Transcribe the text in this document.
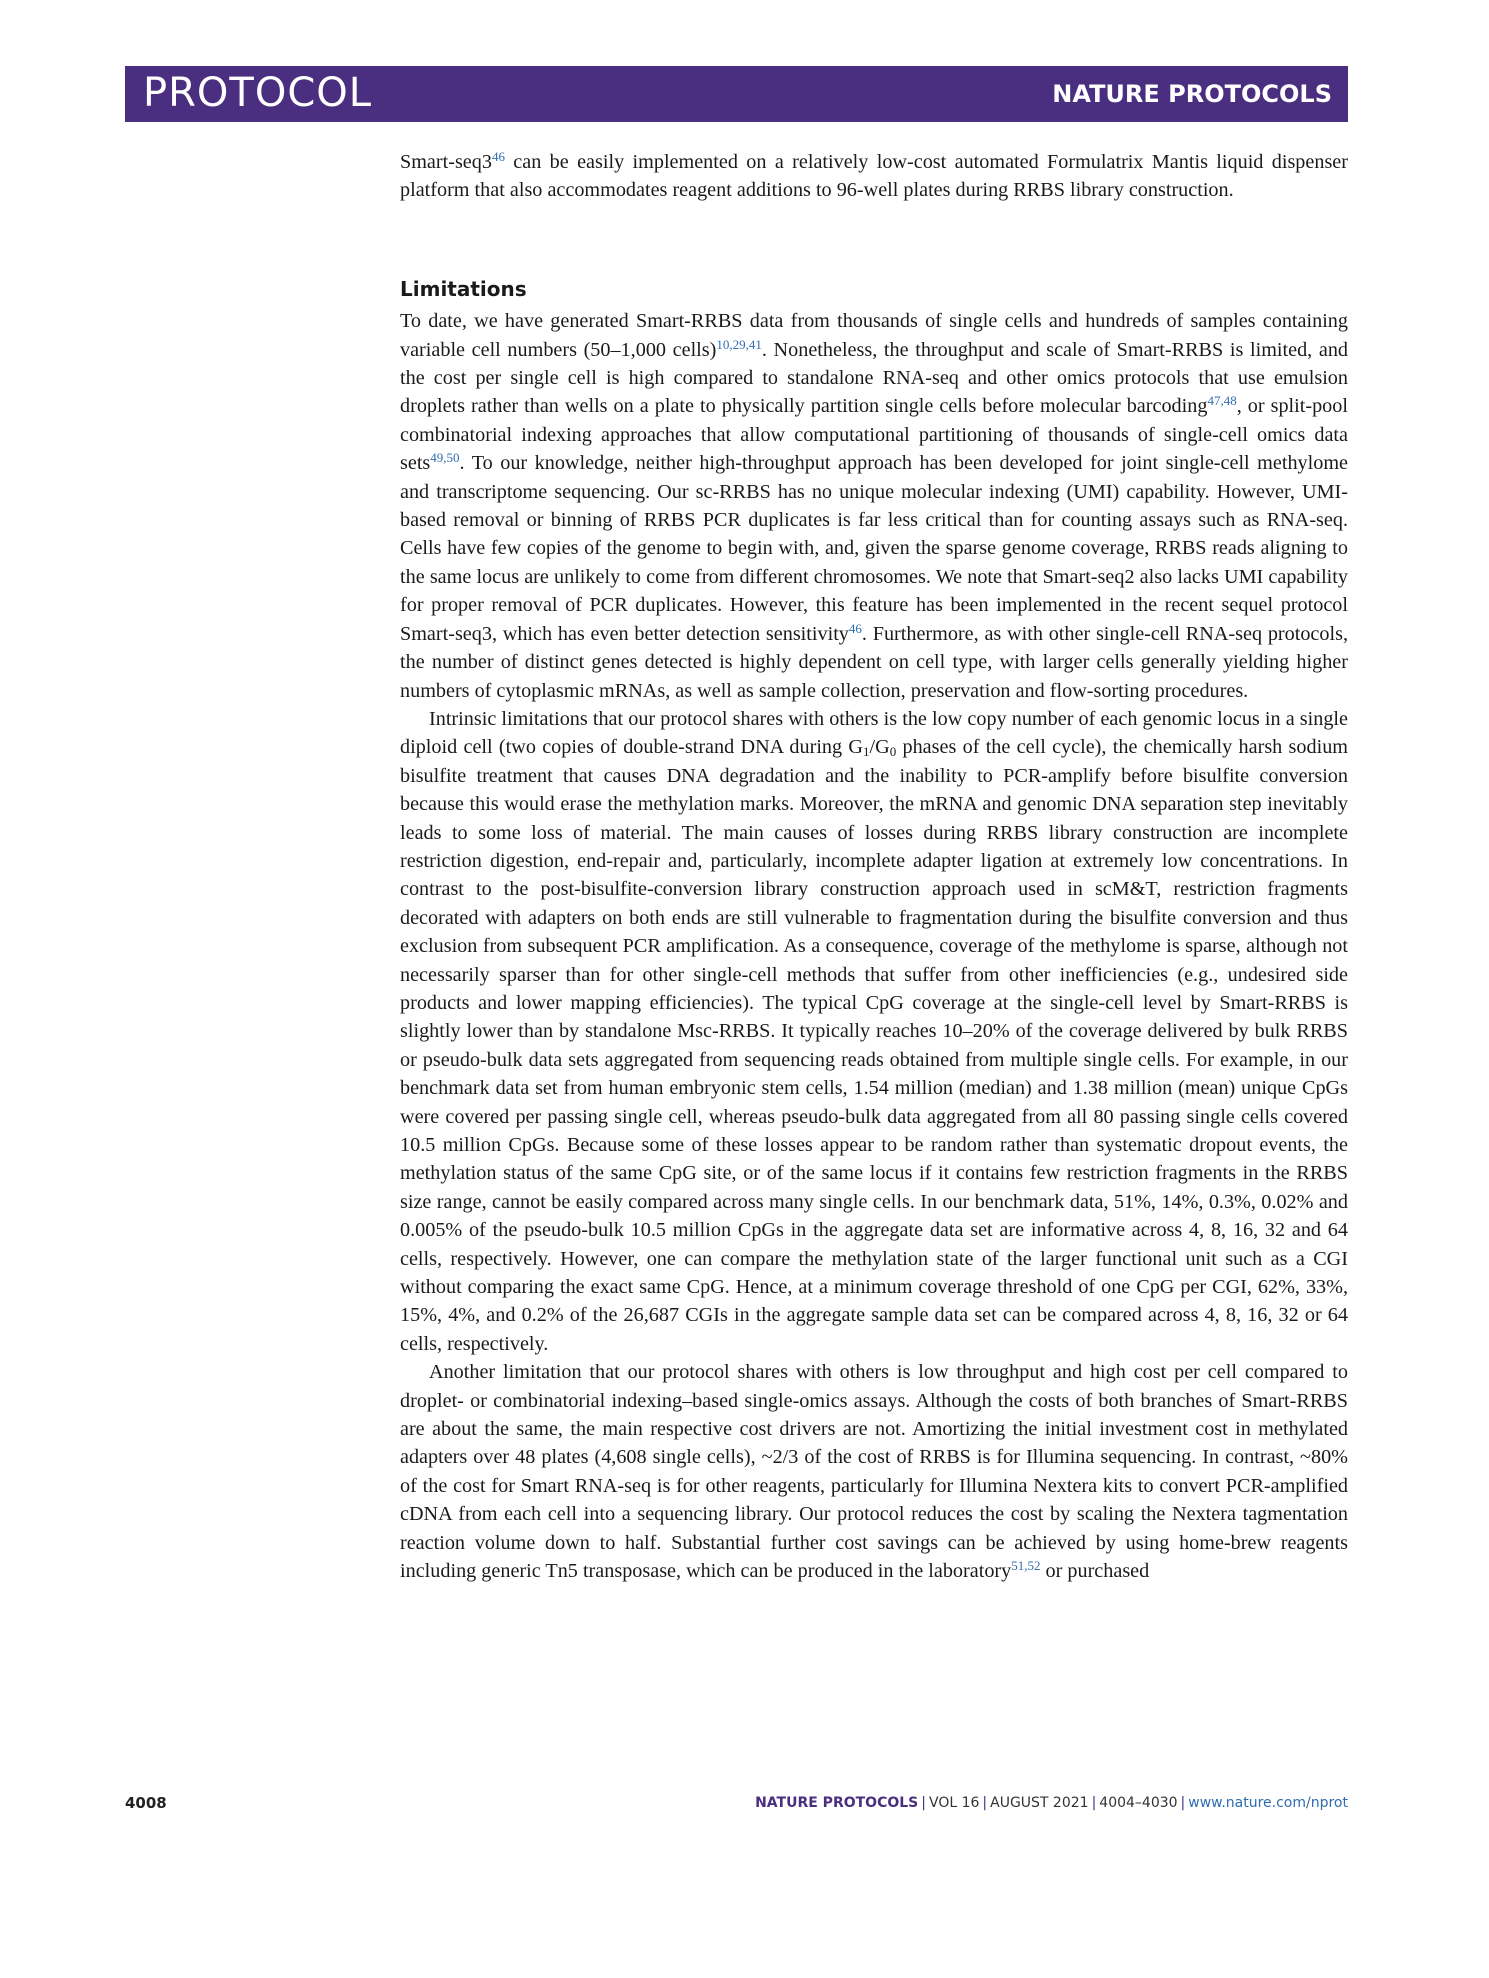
PROTOCOL	NATURE PROTOCOLS

Smart-$seq3^{46}$ can be easily implemented on a relatively low-cost automated Formulatrix Mantis liquid dispenser platform that also accommodates reagent additions to 96-well plates during RRBS library construction.

Limitations

To date, we have generated Smart-RRBS data from thousands of single cells and hundreds of samples containing variable cell numbers (50–1,000 cells)$^{10,29,41}$. Nonetheless, the throughput and scale of Smart-RRBS is limited, and the cost per single cell is high compared to standalone RNA-seq and other omics protocols that use emulsion droplets rather than wells on a plate to physically partition single cells before molecular barcoding$^{47,48}$, or split-pool combinatorial indexing approaches that allow computational partitioning of thousands of single-cell omics data sets$^{49,50}$. To our knowledge, neither high-throughput approach has been developed for joint single-cell methylome and transcriptome sequencing. Our sc-RRBS has no unique molecular indexing (UMI) capability. However, UMI-based removal or binning of RRBS PCR duplicates is far less critical than for counting assays such as RNA-seq. Cells have few copies of the genome to begin with, and, given the sparse genome coverage, RRBS reads aligning to the same locus are unlikely to come from different chromosomes. We note that Smart-seq2 also lacks UMI capability for proper removal of PCR duplicates. However, this feature has been implemented in the recent sequel protocol Smart-seq3, which has even better detection sensitivity$^{46}$. Furthermore, as with other single-cell RNA-seq protocols, the number of distinct genes detected is highly dependent on cell type, with larger cells generally yielding higher numbers of cytoplasmic mRNAs, as well as sample collection, preservation and flow-sorting procedures.

Intrinsic limitations that our protocol shares with others is the low copy number of each genomic locus in a single diploid cell (two copies of double-strand DNA during $G_1/G_0$ phases of the cell cycle), the chemically harsh sodium bisulfite treatment that causes DNA degradation and the inability to PCR-amplify before bisulfite conversion because this would erase the methylation marks. Moreover, the mRNA and genomic DNA separation step inevitably leads to some loss of material. The main causes of losses during RRBS library construction are incomplete restriction digestion, end-repair and, particularly, incomplete adapter ligation at extremely low concentrations. In contrast to the post-bisulfite-conversion library construction approach used in scM&T, restriction fragments decorated with adapters on both ends are still vulnerable to fragmentation during the bisulfite conversion and thus exclusion from subsequent PCR amplification. As a consequence, coverage of the methylome is sparse, although not necessarily sparser than for other single-cell methods that suffer from other inefficiencies (e.g., undesired side products and lower mapping efficiencies). The typical CpG coverage at the single-cell level by Smart-RRBS is slightly lower than by standalone Msc-RRBS. It typically reaches 10–20% of the coverage delivered by bulk RRBS or pseudo-bulk data sets aggregated from sequencing reads obtained from multiple single cells. For example, in our benchmark data set from human embryonic stem cells, 1.54 million (median) and 1.38 million (mean) unique CpGs were covered per passing single cell, whereas pseudo-bulk data aggregated from all 80 passing single cells covered 10.5 million CpGs. Because some of these losses appear to be random rather than systematic dropout events, the methylation status of the same CpG site, or of the same locus if it contains few restriction fragments in the RRBS size range, cannot be easily compared across many single cells. In our benchmark data, 51%, 14%, 0.3%, 0.02% and 0.005% of the pseudo-bulk 10.5 million CpGs in the aggregate data set are informative across 4, 8, 16, 32 and 64 cells, respectively. However, one can compare the methylation state of the larger functional unit such as a CGI without comparing the exact same CpG. Hence, at a minimum coverage threshold of one CpG per CGI, 62%, 33%, 15%, 4%, and 0.2% of the 26,687 CGIs in the aggregate sample data set can be compared across 4, 8, 16, 32 or 64 cells, respectively.

Another limitation that our protocol shares with others is low throughput and high cost per cell compared to droplet- or combinatorial indexing–based single-omics assays. Although the costs of both branches of Smart-RRBS are about the same, the main respective cost drivers are not. Amortizing the initial investment cost in methylated adapters over 48 plates (4,608 single cells), ~2/3 of the cost of RRBS is for Illumina sequencing. In contrast, ~80% of the cost for Smart RNA-seq is for other reagents, particularly for Illumina Nextera kits to convert PCR-amplified cDNA from each cell into a sequencing library. Our protocol reduces the cost by scaling the Nextera tagmentation reaction volume down to half. Substantial further cost savings can be achieved by using home-brew reagents including generic Tn5 transposase, which can be produced in the laboratory$^{51,52}$ or purchased

4008	NATURE PROTOCOLS | VOL 16 | AUGUST 2021 | 4004–4030 | www.nature.com/nprot
